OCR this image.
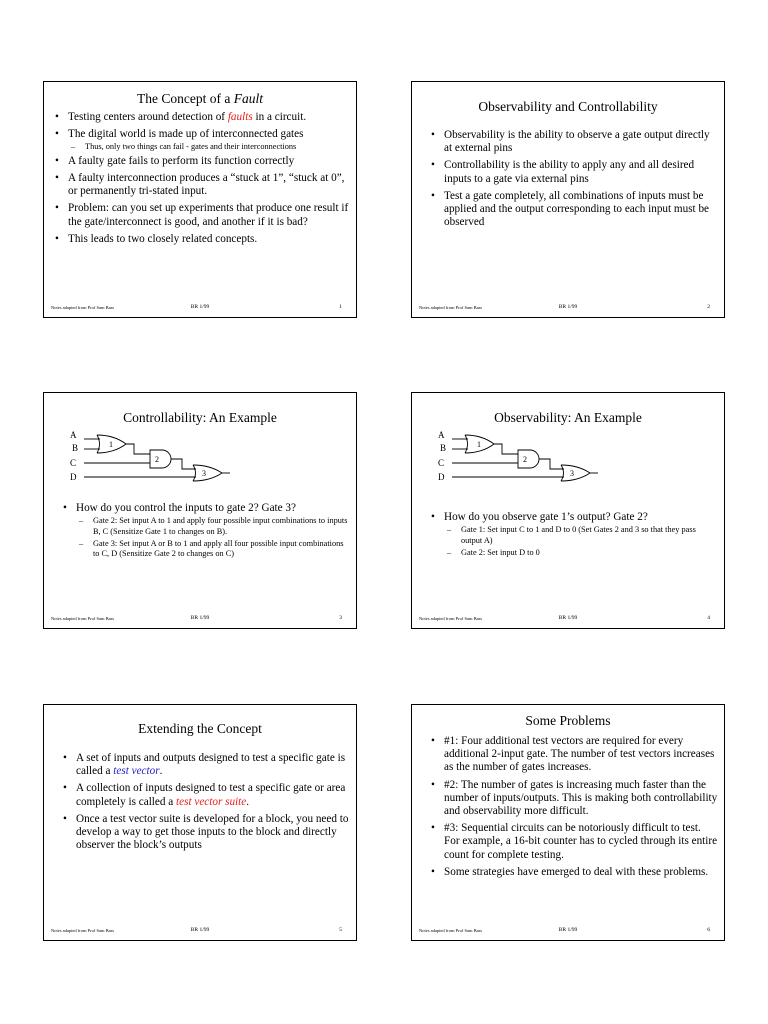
The Concept of a Fault
• Testing centers around detection of faults in a circuit.
• The digital world is made up of interconnected gates
– Thus, only two things can fail - gates and their interconnections
• A faulty gate fails to perform its function correctly
• A faulty interconnection produces a “stuck at 1”, “stuck at 0”, or permanently tri-stated input.
• Problem: can you set up experiments that produce one result if the gate/interconnect is good, and another if it is bad?
• This leads to two closely related concepts.
Notes adapted from Prof Sam Bass	BR 1/99	1
Observability and Controllability
• Observability is the ability to observe a gate output directly at external pins
• Controllability is the ability to apply any and all desired inputs to a gate via external pins
• Test a gate completely, all combinations of inputs must be applied and the output corresponding to each input must be observed
Notes adapted from Prof Sam Bass	BR 1/99	2
Controllability: An Example
A
B
C
D
1
2
3
• How do you control the inputs to gate 2? Gate 3?
– Gate 2: Set input A to 1 and apply four possible input combinations to inputs B, C (Sensitize Gate 1 to changes on B).
– Gate 3: Set input A or B to 1 and apply all four possible input combinations to C, D (Sensitize Gate 2 to changes on C)
Notes adapted from Prof Sam Bass	BR 1/99	3
Observability: An Example
A
B
C
D
1
2
3
• How do you observe gate 1’s output? Gate 2?
– Gate 1: Set input C to 1 and D to 0 (Set Gates 2 and 3 so that they pass output A)
– Gate 2: Set input D to 0
Notes adapted from Prof Sam Bass	BR 1/99	4
Extending the Concept
• A set of inputs and outputs designed to test a specific gate is called a test vector.
• A collection of inputs designed to test a specific gate or area completely is called a test vector suite.
• Once a test vector suite is developed for a block, you need to develop a way to get those inputs to the block and directly observer the block’s outputs
Notes adapted from Prof Sam Bass	BR 1/99	5
Some Problems
• #1: Four additional test vectors are required for every additional 2-input gate. The number of test vectors increases as the number of gates increases.
• #2: The number of gates is increasing much faster than the number of inputs/outputs. This is making both controllability and observability more difficult.
• #3: Sequential circuits can be notoriously difficult to test. For example, a 16-bit counter has to cycled through its entire count for complete testing.
• Some strategies have emerged to deal with these problems.
Notes adapted from Prof Sam Bass	BR 1/99	6
